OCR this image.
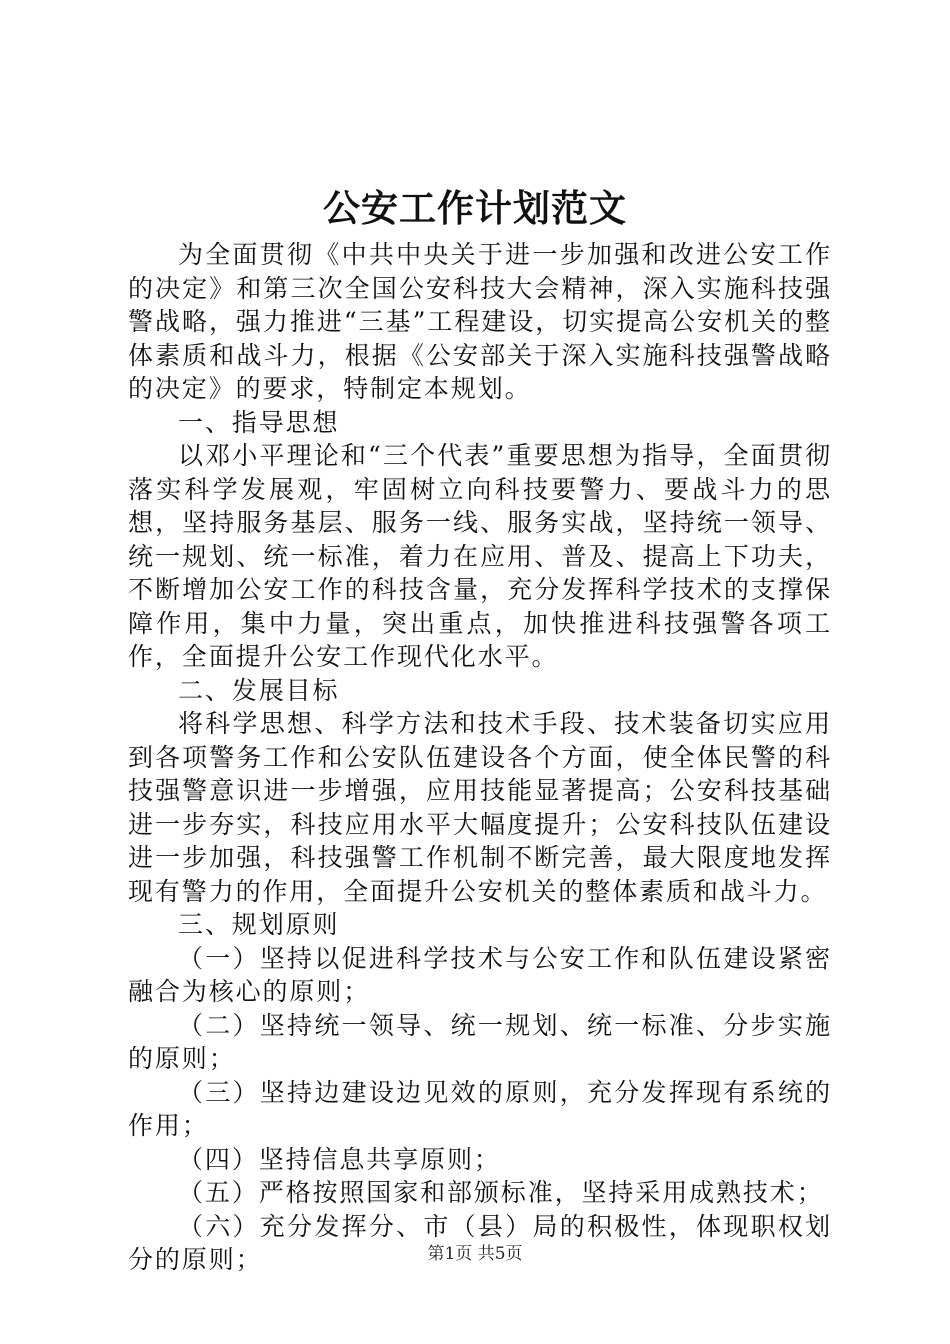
公安工作计划范文

为全面贯彻《中共中央关于进一步加强和改进公安工作的决定》和第三次全国公安科技大会精神，深入实施科技强警战略，强力推进“三基”工程建设，切实提高公安机关的整体素质和战斗力，根据《公安部关于深入实施科技强警战略的决定》的要求，特制定本规划。

一、指导思想

以邓小平理论和“三个代表”重要思想为指导，全面贯彻落实科学发展观，牢固树立向科技要警力、要战斗力的思想，坚持服务基层、服务一线、服务实战，坚持统一领导、统一规划、统一标准，着力在应用、普及、提高上下功夫，不断增加公安工作的科技含量，充分发挥科学技术的支撑保障作用，集中力量，突出重点，加快推进科技强警各项工作，全面提升公安工作现代化水平。

二、发展目标

将科学思想、科学方法和技术手段、技术装备切实应用到各项警务工作和公安队伍建设各个方面，使全体民警的科技强警意识进一步增强，应用技能显著提高；公安科技基础进一步夯实，科技应用水平大幅度提升；公安科技队伍建设进一步加强，科技强警工作机制不断完善，最大限度地发挥现有警力的作用，全面提升公安机关的整体素质和战斗力。

三、规划原则

（一）坚持以促进科学技术与公安工作和队伍建设紧密融合为核心的原则；

（二）坚持统一领导、统一规划、统一标准、分步实施的原则；

（三）坚持边建设边见效的原则，充分发挥现有系统的作用；

（四）坚持信息共享原则；

（五）严格按照国家和部颁标准，坚持采用成熟技术；

（六）充分发挥分、市（县）局的积极性，体现职权划分的原则；	第1页 共5页
